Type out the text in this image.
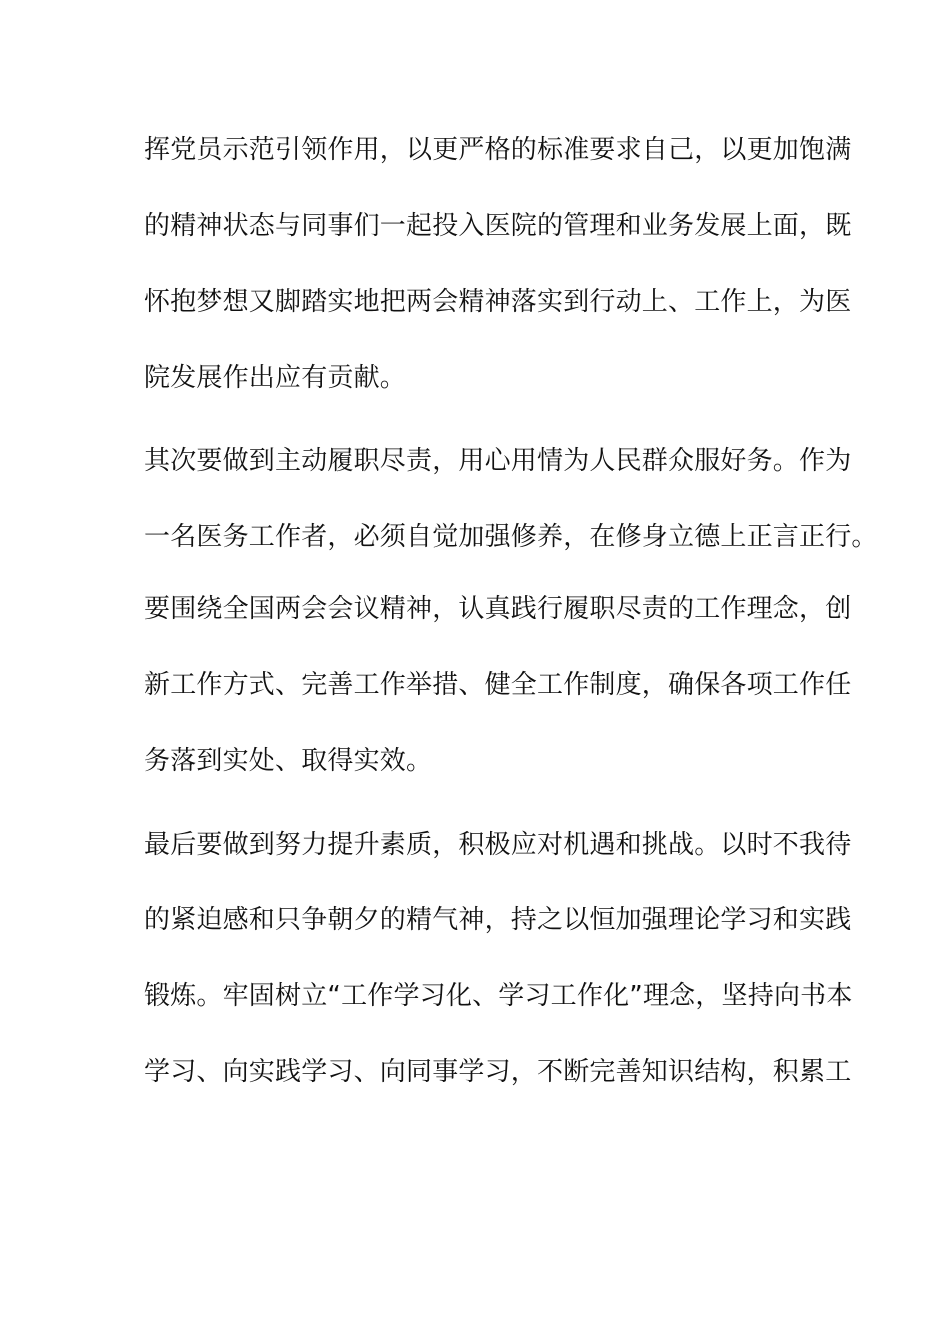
挥党员示范引领作用，以更严格的标准要求自己，以更加饱满
的精神状态与同事们一起投入医院的管理和业务发展上面，既
怀抱梦想又脚踏实地把两会精神落实到行动上、工作上，为医
院发展作出应有贡献。
其次要做到主动履职尽责，用心用情为人民群众服好务。作为
一名医务工作者，必须自觉加强修养，在修身立德上正言正行。
要围绕全国两会会议精神，认真践行履职尽责的工作理念，创
新工作方式、完善工作举措、健全工作制度，确保各项工作任
务落到实处、取得实效。
最后要做到努力提升素质，积极应对机遇和挑战。以时不我待
的紧迫感和只争朝夕的精气神，持之以恒加强理论学习和实践
锻炼。牢固树立“工作学习化、学习工作化”理念，坚持向书本
学习、向实践学习、向同事学习，不断完善知识结构，积累工
